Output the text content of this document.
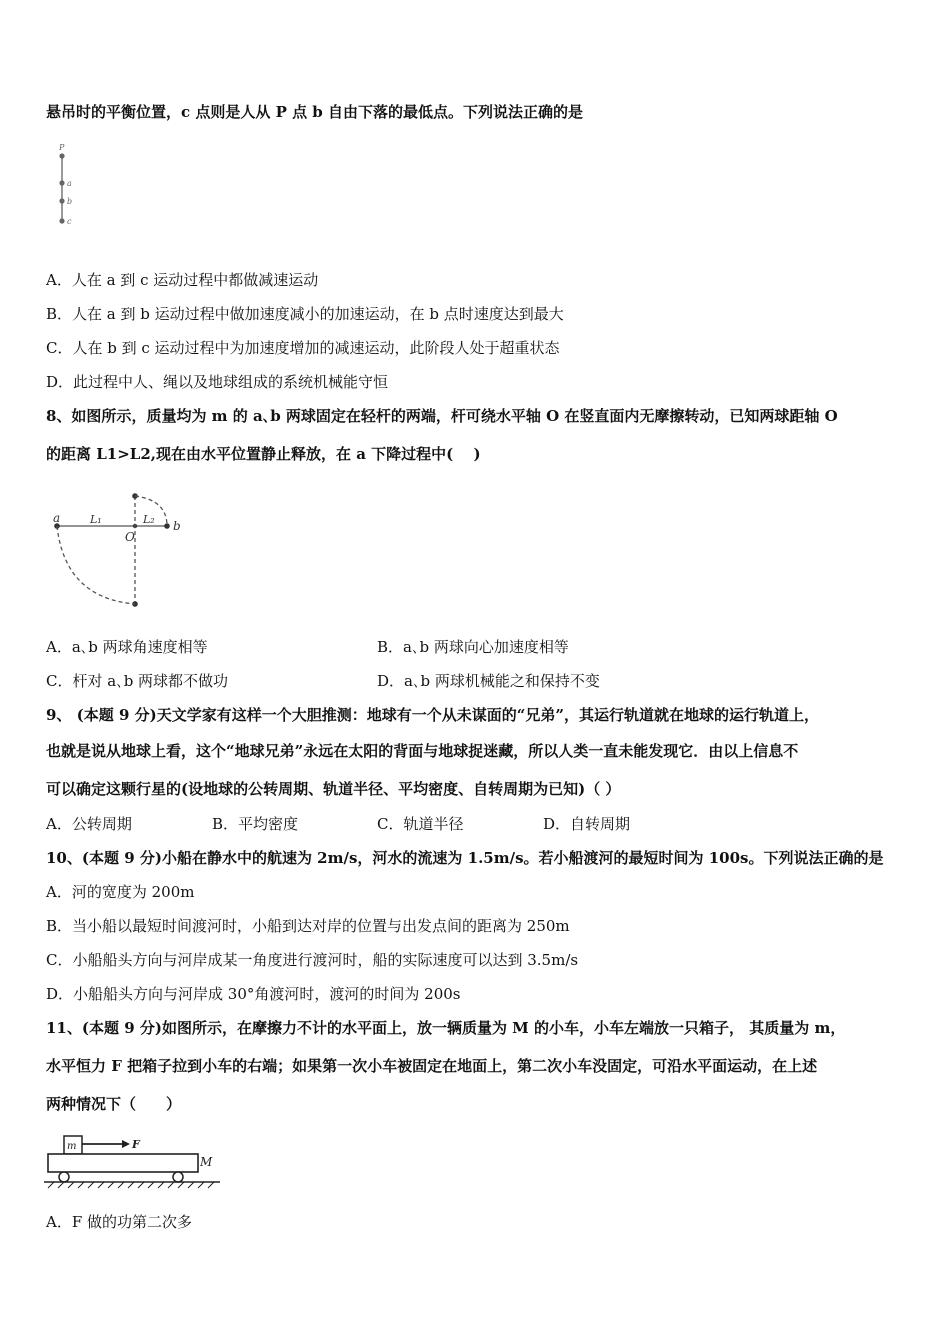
悬吊时的平衡位置，c 点则是人从 P 点 b 自由下落的最低点。下列说法正确的是
P
a
b
c
A．人在 a 到 c 运动过程中都做减速运动
B．人在 a 到 b 运动过程中做加速度减小的加速运动，在 b 点时速度达到最大
C．人在 b 到 c 运动过程中为加速度增加的减速运动，此阶段人处于超重状态
D．此过程中人、绳以及地球组成的系统机械能守恒
8、如图所示，质量均为 m 的 a､b 两球固定在轻杆的两端，杆可绕水平轴 O 在竖直面内无摩擦转动，已知两球距轴 O
的距离 L1>L2,现在由水平位置静止释放，在 a 下降过程中(　 )
a	L₁
O
L₂ b
A．a､b 两球角速度相等	B．a､b 两球向心加速度相等
C．杆对 a､b 两球都不做功	D．a､b 两球机械能之和保持不变
9、 (本题 9 分)天文学家有这样一个大胆推测：地球有一个从未谋面的“兄弟”，其运行轨道就在地球的运行轨道上，
也就是说从地球上看，这个“地球兄弟”永远在太阳的背面与地球捉迷藏，所以人类一直未能发现它．由以上信息不
可以确定这颗行星的(设地球的公转周期、轨道半径、平均密度、自转周期为已知)（ ）
A．公转周期	B．平均密度	C．轨道半径	D．自转周期
10、(本题 9 分)小船在静水中的航速为 2m/s，河水的流速为 1.5m/s。若小船渡河的最短时间为 100s。下列说法正确的是
A．河的宽度为 200m
B．当小船以最短时间渡河时，小船到达对岸的位置与出发点间的距离为 250m
C．小船船头方向与河岸成某一角度进行渡河时，船的实际速度可以达到 3.5m/s
D．小船船头方向与河岸成 30°角渡河时，渡河的时间为 200s
11、(本题 9 分)如图所示，在摩擦力不计的水平面上，放一辆质量为 M 的小车，小车左端放一只箱子， 其质量为 m，
水平恒力 F 把箱子拉到小车的右端；如果第一次小车被固定在地面上，第二次小车没固定，可沿水平面运动，在上述
两种情况下（　　）
m	F
M
A．F 做的功第二次多
